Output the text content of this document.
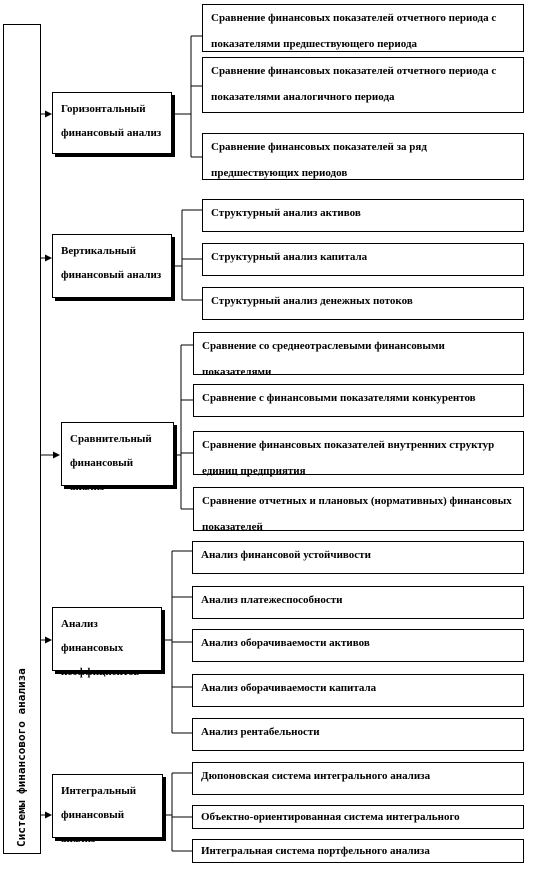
Системы финансового анализа
Горизонтальный финансовый анализ
Вертикальный финансовый анализ
Сравнительный финансовый анализ
Анализ финансовых коэффициентов
Интегральный финансовый анализ
Сравнение финансовых показателей отчетного периода с показателями предшествующего периода
Сравнение финансовых показателей отчетного периода с показателями аналогичного периода
Сравнение финансовых показателей за ряд предшествующих периодов
Структурный анализ активов
Структурный анализ капитала
Структурный анализ денежных потоков
Сравнение со среднеотраслевыми финансовыми показателями
Сравнение с финансовыми показателями конкурентов
Сравнение финансовых показателей внутренних структур единиц предприятия
Сравнение отчетных и плановых (нормативных) финансовых показателей
Анализ финансовой устойчивости
Анализ платежеспособности
Анализ оборачиваемости активов
Анализ оборачиваемости капитала
Анализ рентабельности
Дюпоновская система интегрального анализа
Объектно-ориентированная система интегрального
Интегральная система портфельного анализа
